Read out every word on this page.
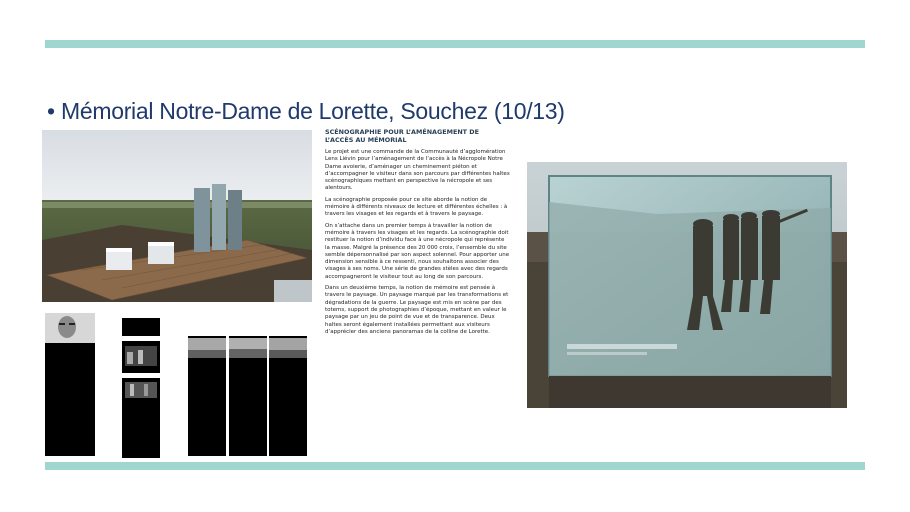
• Mémorial Notre-Dame de Lorette, Souchez (10/13)
SCÉNOGRAPHIE POUR L’AMÉNAGEMENT DE
L’ACCÈS AU MÉMORIAL

Le projet est une commande de la Communauté d’agglomération Lens Liévin pour l’aménagement de l’accès à la Nécropole Notre Dame avoierie, d’aménager un cheminement piéton et d’accompagner le visiteur dans son parcours par différentes haltes scénographiques mettant en perspective la nécropole et ses alentours.

La scénographie proposée pour ce site aborde la notion de mémoire à différents niveaux de lecture et différentes échelles : à travers les visages et les regards et à travers le paysage.

On s’attache dans un premier temps à travailler la notion de mémoire à travers les visages et les regards. La scénographie doit restituer la notion d’individu face à une nécropole qui représente la masse. Malgré la présence des 20 000 croix, l’ensemble du site semble dépersonnalisé par son aspect solennel. Pour apporter une dimension sensible à ce ressenti, nous souhaitons associer des visages à ses noms. Une série de grandes stèles avec des regards accompagneront le visiteur tout au long de son parcours.

Dans un deuxième temps, la notion de mémoire est pensée à travers le paysage. Un paysage marqué par les transformations et dégradations de la guerre. Le paysage est mis en scène par des totems, support de photographies d’époque, mettant en valeur le paysage par un jeu de point de vue et de transparence. Deux haltes seront également installées permettant aux visiteurs d’apprécier des anciens panoramas de la colline de Lorette.
